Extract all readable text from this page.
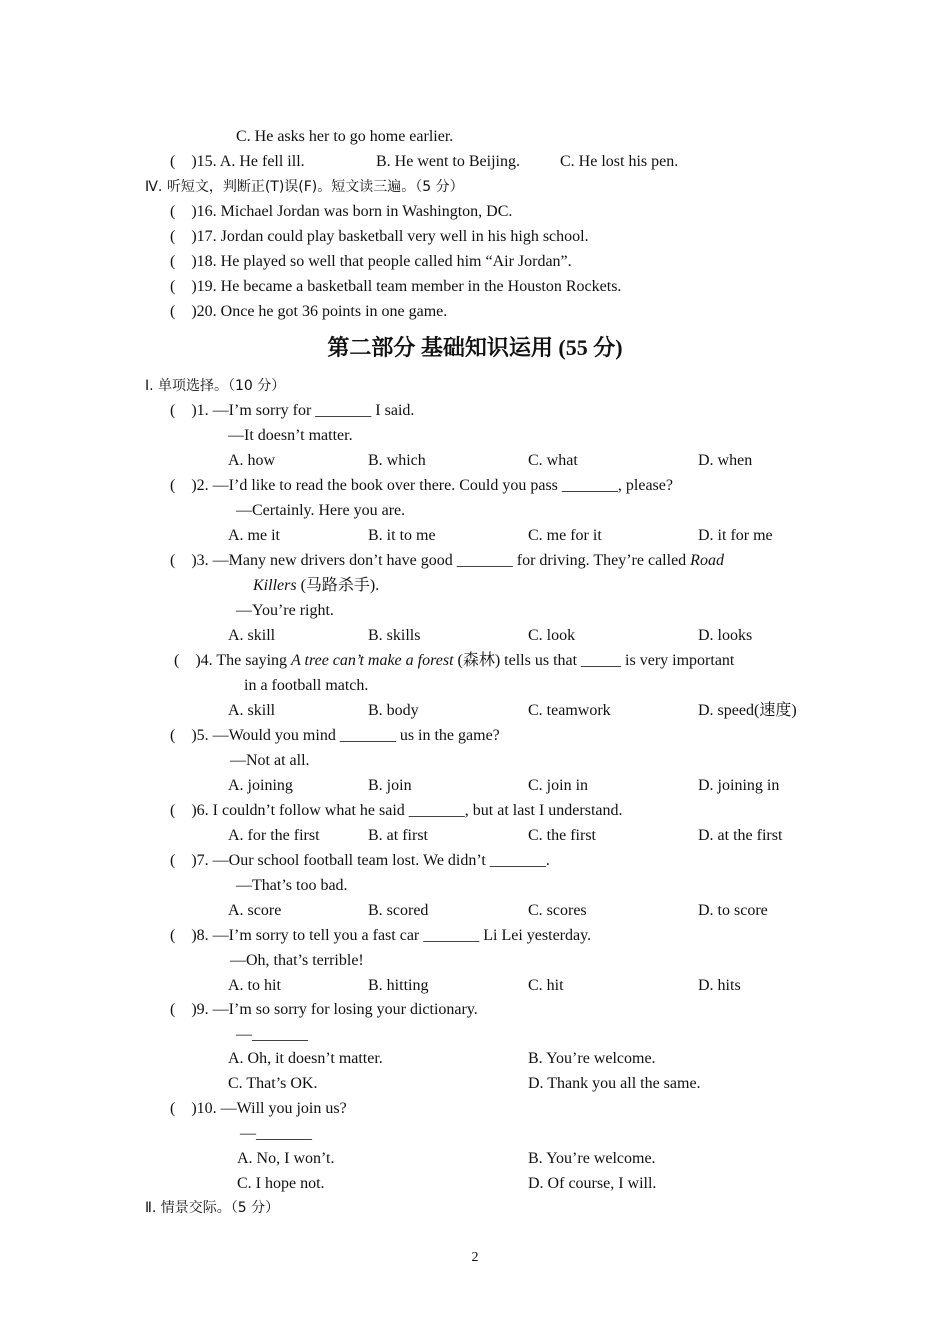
C. He asks her to go home earlier.
(　)15. A. He fell ill.	B. He went to Beijing.	C. He lost his pen.
Ⅳ. 听短文，判断正(T)误(F)。短文读三遍。（5 分）
(　)16. Michael Jordan was born in Washington, DC.
(　)17. Jordan could play basketball very well in his high school.
(　)18. He played so well that people called him “Air Jordan”.
(　)19. He became a basketball team member in the Houston Rockets.
(　)20. Once he got 36 points in one game.
第二部分 基础知识运用 (55 分)
Ⅰ. 单项选择。（10 分）
(　)1. —I’m sorry for _______ I said.
—It doesn’t matter.
A. how	B. which	C. what	D. when
(　)2. —I’d like to read the book over there. Could you pass _______, please?
—Certainly. Here you are.
A. me it	B. it to me	C. me for it	D. it for me
(　)3. —Many new drivers don’t have good _______ for driving. They’re called Road
Killers (马路杀手).
—You’re right.
A. skill	B. skills	C. look	D. looks
(　)4. The saying A tree can’t make a forest (森林) tells us that _____ is very important
in a football match.
A. skill	B. body	C. teamwork	D. speed(速度)
(　)5. —Would you mind _______ us in the game?
—Not at all.
A. joining	B. join	C. join in	D. joining in
(　)6. I couldn’t follow what he said _______, but at last I understand.
A. for the first	B. at first	C. the first	D. at the first
(　)7. —Our school football team lost. We didn’t _______.
—That’s too bad.
A. score	B. scored	C. scores	D. to score
(　)8. —I’m sorry to tell you a fast car _______ Li Lei yesterday.
—Oh, that’s terrible!
A. to hit	B. hitting	C. hit	D. hits
(　)9. —I’m so sorry for losing your dictionary.
—_______
A. Oh, it doesn’t matter.	B. You’re welcome.
C. That’s OK.	D. Thank you all the same.
(　)10. —Will you join us?
—_______
A. No, I won’t.	B. You’re welcome.
C. I hope not.	D. Of course, I will.
Ⅱ. 情景交际。（5 分）
2
